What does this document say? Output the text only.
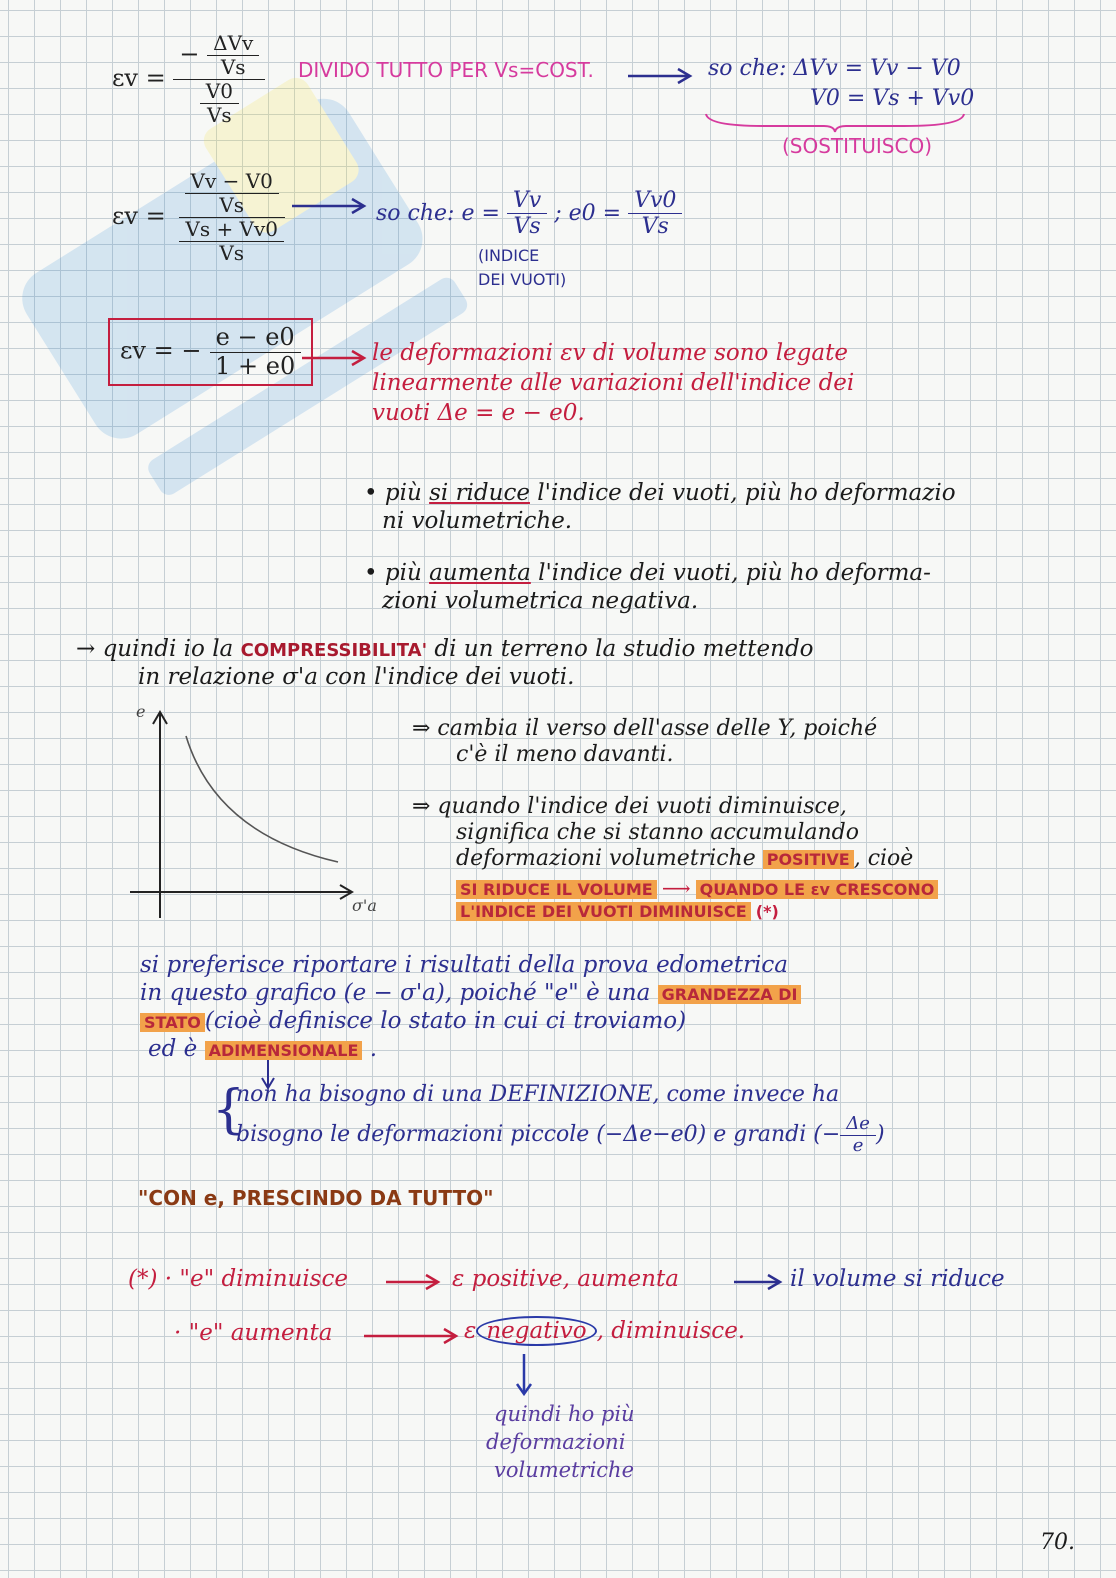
$\varepsilon v = \frac{- \frac{\text{ΔVv}}{Vs}}{\frac{V0}{Vs}}$ DIVIDO TUTTO PER Vs=COST.	so che: ΔVv = Vv − V0
V0 = Vs + Vv0
(SOSTITUISCO)
$\varepsilon v = \frac{\frac{Vv - V0}{Vs}}{\frac{Vs + Vv0}{Vs}}$	so che: $e = \frac{Vv}{Vs}$ ; $e0 = \frac{Vv0}{Vs}$
(INDICE
DEI VUOTI)
εv = − $\frac{e - e0}{1 + e0}$	le deformazioni εv di volume sono legate
linearmente alle variazioni dell'indice dei
vuoti Δe = e − e0.
• più si riduce l'indice dei vuoti, più ho deformazio
ni volumetriche.
• più aumenta l'indice dei vuoti, più ho deforma-
zioni volumetrica negativa.
→ quindi io la COMPRESSIBILITA' di un terreno la studio mettendo
in relazione σ'a con l'indice dei vuoti.
e
σ'a
⇒ cambia il verso dell'asse delle Y, poiché
c'è il meno davanti.
⇒ quando l'indice dei vuoti diminuisce,
significa che si stanno accumulando
deformazioni volumetriche POSITIVE , cioè
SI RIDUCE IL VOLUME ⟶ QUANDO LE εv CRESCONO
L'INDICE DEI VUOTI DIMINUISCE (*)
si preferisce riportare i risultati della prova edometrica
in questo grafico (e − σ'a), poiché "e" è una GRANDEZZA DI
STATO (cioè definisce lo stato in cui ci troviamo)
ed è ADIMENSIONALE .
{
non ha bisogno di una DEFINIZIONE, come invece ha
bisogno le deformazioni piccole (−Δe−e0) e grandi (− $\frac{\Delta e}{e}$ )
"CON e, PRESCINDO DA TUTTO"
(*) · "e" diminuisce	ε positive, aumenta	il volume si riduce
· "e" aumenta	ε negativo , diminuisce.
quindi ho più
deformazioni
volumetriche
70.
